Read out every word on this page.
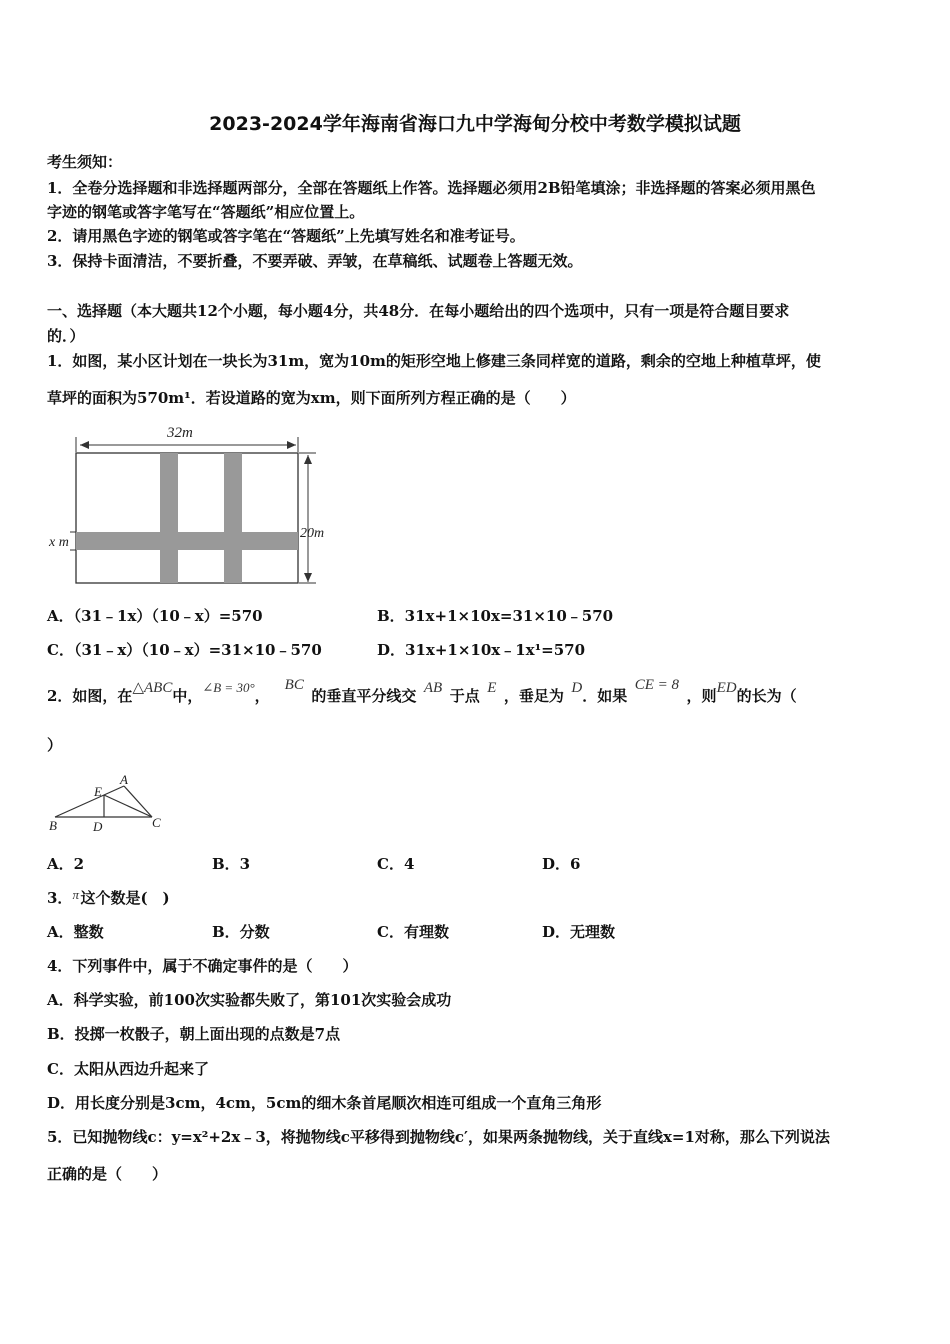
2023-2024学年海南省海口九中学海甸分校中考数学模拟试题
考生须知：
1．全卷分选择题和非选择题两部分，全部在答题纸上作答。选择题必须用2B铅笔填涂；非选择题的答案必须用黑色
字迹的钢笔或答字笔写在“答题纸”相应位置上。
2．请用黑色字迹的钢笔或答字笔在“答题纸”上先填写姓名和准考证号。
3．保持卡面清洁，不要折叠，不要弄破、弄皱，在草稿纸、试题卷上答题无效。
一、选择题（本大题共12个小题，每小题4分，共48分．在每小题给出的四个选项中，只有一项是符合题目要求
的．）
1．如图，某小区计划在一块长为31m，宽为10m的矩形空地上修建三条同样宽的道路，剩余的空地上种植草坪，使
草坪的面积为570m¹．若设道路的宽为xm，则下面所列方程正确的是（　　）
32m
20m
x m
A．（31﹣1x）（10﹣x）=570	B．31x+1×10x=31×10﹣570
C．（31﹣x）（10﹣x）=31×10﹣570	D．31x+1×10x﹣1x¹=570
2．如图，在△ABC中，∠B = 30°， BC 的垂直平分线交  AB  于点  E  ，垂足为  D．如果 CE = 8 ，则ED的长为（
）
A
E
B	D	C
A．2	B．3	C．4	D．6
3．π  这个数是(　)
A．整数	B．分数	C．有理数	D．无理数
4．下列事件中，属于不确定事件的是（　　）
A．科学实验，前100次实验都失败了，第101次实验会成功
B．投掷一枚骰子，朝上面出现的点数是7点
C．太阳从西边升起来了
D．用长度分别是3cm，4cm，5cm的细木条首尾顺次相连可组成一个直角三角形
5．已知抛物线c：y=x²+2x﹣3，将抛物线c平移得到抛物线c′，如果两条抛物线，关于直线x=1对称，那么下列说法
正确的是（　　）
